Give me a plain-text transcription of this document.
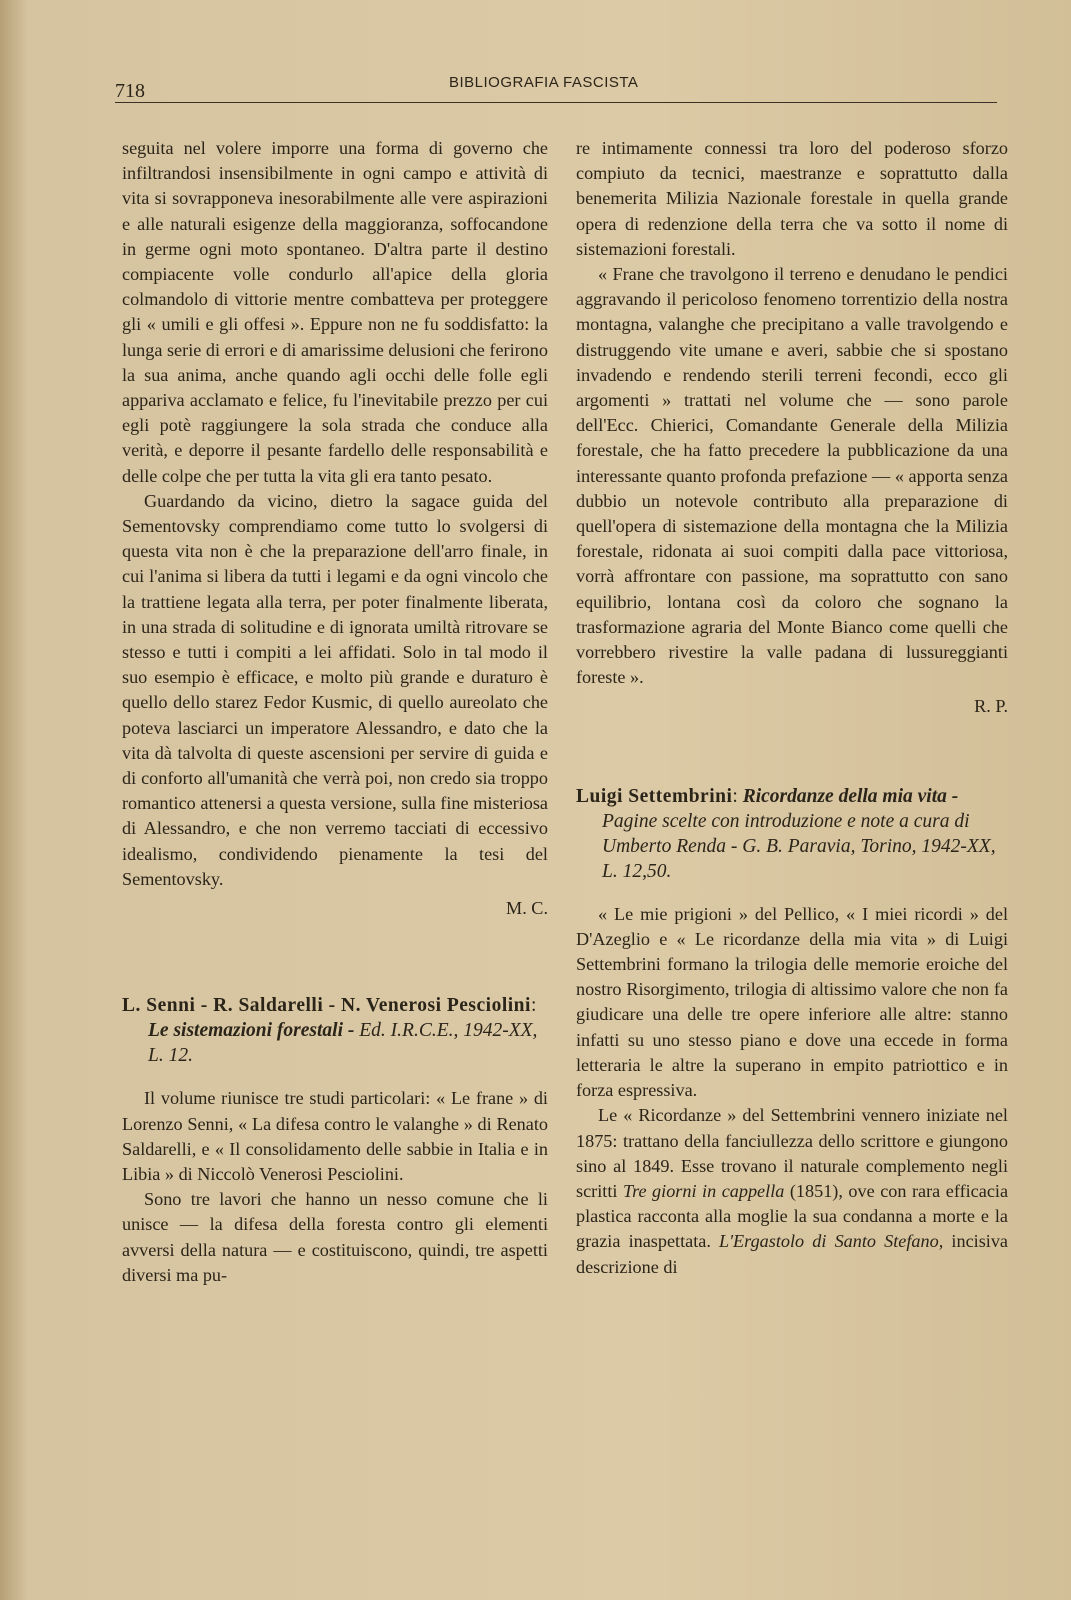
718	BIBLIOGRAFIA FASCISTA

seguita nel volere imporre una forma di governo che infiltrandosi insensibilmente in ogni campo e attività di vita si sovrapponeva inesorabilmente alle vere aspirazioni e alle naturali esigenze della maggioranza, soffocandone in germe ogni moto spontaneo. D'altra parte il destino compiacente volle condurlo all'apice della gloria colmandolo di vittorie mentre combatteva per proteggere gli « umili e gli offesi ». Eppure non ne fu soddisfatto: la lunga serie di errori e di amarissime delusioni che ferirono la sua anima, anche quando agli occhi delle folle egli appariva acclamato e felice, fu l'inevitabile prezzo per cui egli potè raggiungere la sola strada che conduce alla verità, e deporre il pesante fardello delle responsabilità e delle colpe che per tutta la vita gli era tanto pesato.

Guardando da vicino, dietro la sagace guida del Sementovsky comprendiamo come tutto lo svolgersi di questa vita non è che la preparazione dell'arro finale, in cui l'anima si libera da tutti i legami e da ogni vincolo che la trattiene legata alla terra, per poter finalmente liberata, in una strada di solitudine e di ignorata umiltà ritrovare se stesso e tutti i compiti a lei affidati. Solo in tal modo il suo esempio è efficace, e molto più grande e duraturo è quello dello starez Fedor Kusmic, di quello aureolato che poteva lasciarci un imperatore Alessandro, e dato che la vita dà talvolta di queste ascensioni per servire di guida e di conforto all'umanità che verrà poi, non credo sia troppo romantico attenersi a questa versione, sulla fine misteriosa di Alessandro, e che non verremo tacciati di eccessivo idealismo, condividendo pienamente la tesi del Sementovsky.

M. C.
L. Senni - R. Saldarelli - N. Venerosi Pesciolini: Le sistemazioni forestali - Ed. I.R.C.E., 1942-XX, L. 12.

Il volume riunisce tre studi particolari: « Le frane » di Lorenzo Senni, « La difesa contro le valanghe » di Renato Saldarelli, e « Il consolidamento delle sabbie in Italia e in Libia » di Niccolò Venerosi Pesciolini.

Sono tre lavori che hanno un nesso comune che li unisce — la difesa della foresta contro gli elementi avversi della natura — e costituiscono, quindi, tre aspetti diversi ma pu-

re intimamente connessi tra loro del poderoso sforzo compiuto da tecnici, maestranze e soprattutto dalla benemerita Milizia Nazionale forestale in quella grande opera di redenzione della terra che va sotto il nome di sistemazioni forestali.

« Frane che travolgono il terreno e denudano le pendici aggravando il pericoloso fenomeno torrentizio della nostra montagna, valanghe che precipitano a valle travolgendo e distruggendo vite umane e averi, sabbie che si spostano invadendo e rendendo sterili terreni fecondi, ecco gli argomenti » trattati nel volume che — sono parole dell'Ecc. Chierici, Comandante Generale della Milizia forestale, che ha fatto precedere la pubblicazione da una interessante quanto profonda prefazione — « apporta senza dubbio un notevole contributo alla preparazione di quell'opera di sistemazione della montagna che la Milizia forestale, ridonata ai suoi compiti dalla pace vittoriosa, vorrà affrontare con passione, ma soprattutto con sano equilibrio, lontana così da coloro che sognano la trasformazione agraria del Monte Bianco come quelli che vorrebbero rivestire la valle padana di lussureggianti foreste ».

R. P.
Luigi Settembrini: Ricordanze della mia vita - Pagine scelte con introduzione e note a cura di Umberto Renda - G. B. Paravia, Torino, 1942-XX, L. 12,50.

« Le mie prigioni » del Pellico, « I miei ricordi » del D'Azeglio e « Le ricordanze della mia vita » di Luigi Settembrini formano la trilogia delle memorie eroiche del nostro Risorgimento, trilogia di altissimo valore che non fa giudicare una delle tre opere inferiore alle altre: stanno infatti su uno stesso piano e dove una eccede in forma letteraria le altre la superano in empito patriottico e in forza espressiva.

Le « Ricordanze » del Settembrini vennero iniziate nel 1875: trattano della fanciullezza dello scrittore e giungono sino al 1849. Esse trovano il naturale complemento negli scritti Tre giorni in cappella (1851), ove con rara efficacia plastica racconta alla moglie la sua condanna a morte e la grazia inaspettata. L'Ergastolo di Santo Stefano, incisiva descrizione di
